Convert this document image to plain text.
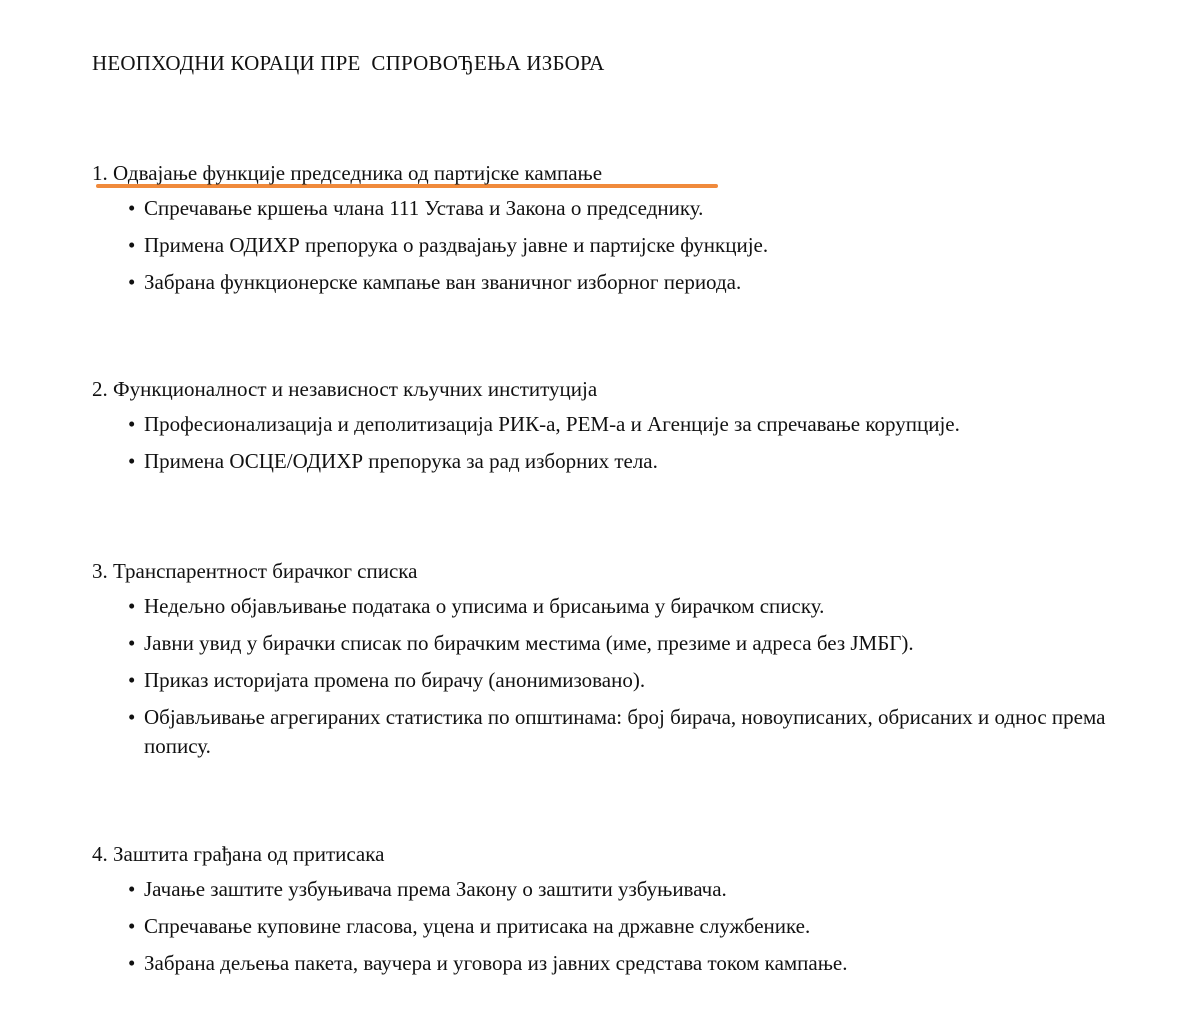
НЕОПХОДНИ КОРАЦИ ПРЕ  СПРОВОЂЕЊА ИЗБОРА
1. Одвајање функције председника од партијске кампање
• Спречавање кршења члана 111 Устава и Закона о председнику.
• Примена ОДИХР препорука о раздвајању јавне и партијске функције.
• Забрана функционерске кампање ван званичног изборног периода.
2. Функционалност и независност кључних институција
• Професионализација и деполитизација РИК-а, РЕМ-а и Агенције за спречавање корупције.
• Примена ОСЦЕ/ОДИХР препорука за рад изборних тела.
3. Транспарентност бирачког списка
• Недељно објављивање података о уписима и брисањима у бирачком списку.
• Јавни увид у бирачки списак по бирачким местима (име, презиме и адреса без ЈМБГ).
• Приказ историјата промена по бирачу (анонимизовано).
• Објављивање агрегираних статистика по општинама: број бирача, новоуписаних, обрисаних и однос према попису.
4. Заштита грађана од притисака
• Јачање заштите узбуњивача према Закону о заштити узбуњивача.
• Спречавање куповине гласова, уцена и притисака на државне службенике.
• Забрана дељења пакета, ваучера и уговора из јавних средстава током кампање.
